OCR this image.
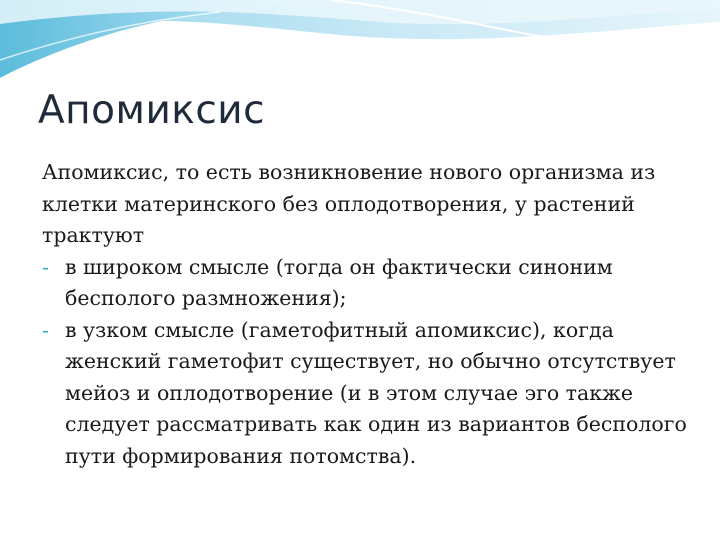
Апомиксис

Апомиксис, то есть возникновение нового организма из клетки материнского без оплодотворения, у растений трактуют

- в широком смысле (тогда он фактически синоним бесполого размножения);
- в узком смысле (гаметофитный апомиксис), когда женский гаметофит существует, но обычно отсутствует мейоз и оплодотворение (и в этом случае эго также следует рассматривать как один из вариантов бесполого пути формирования потомства).
